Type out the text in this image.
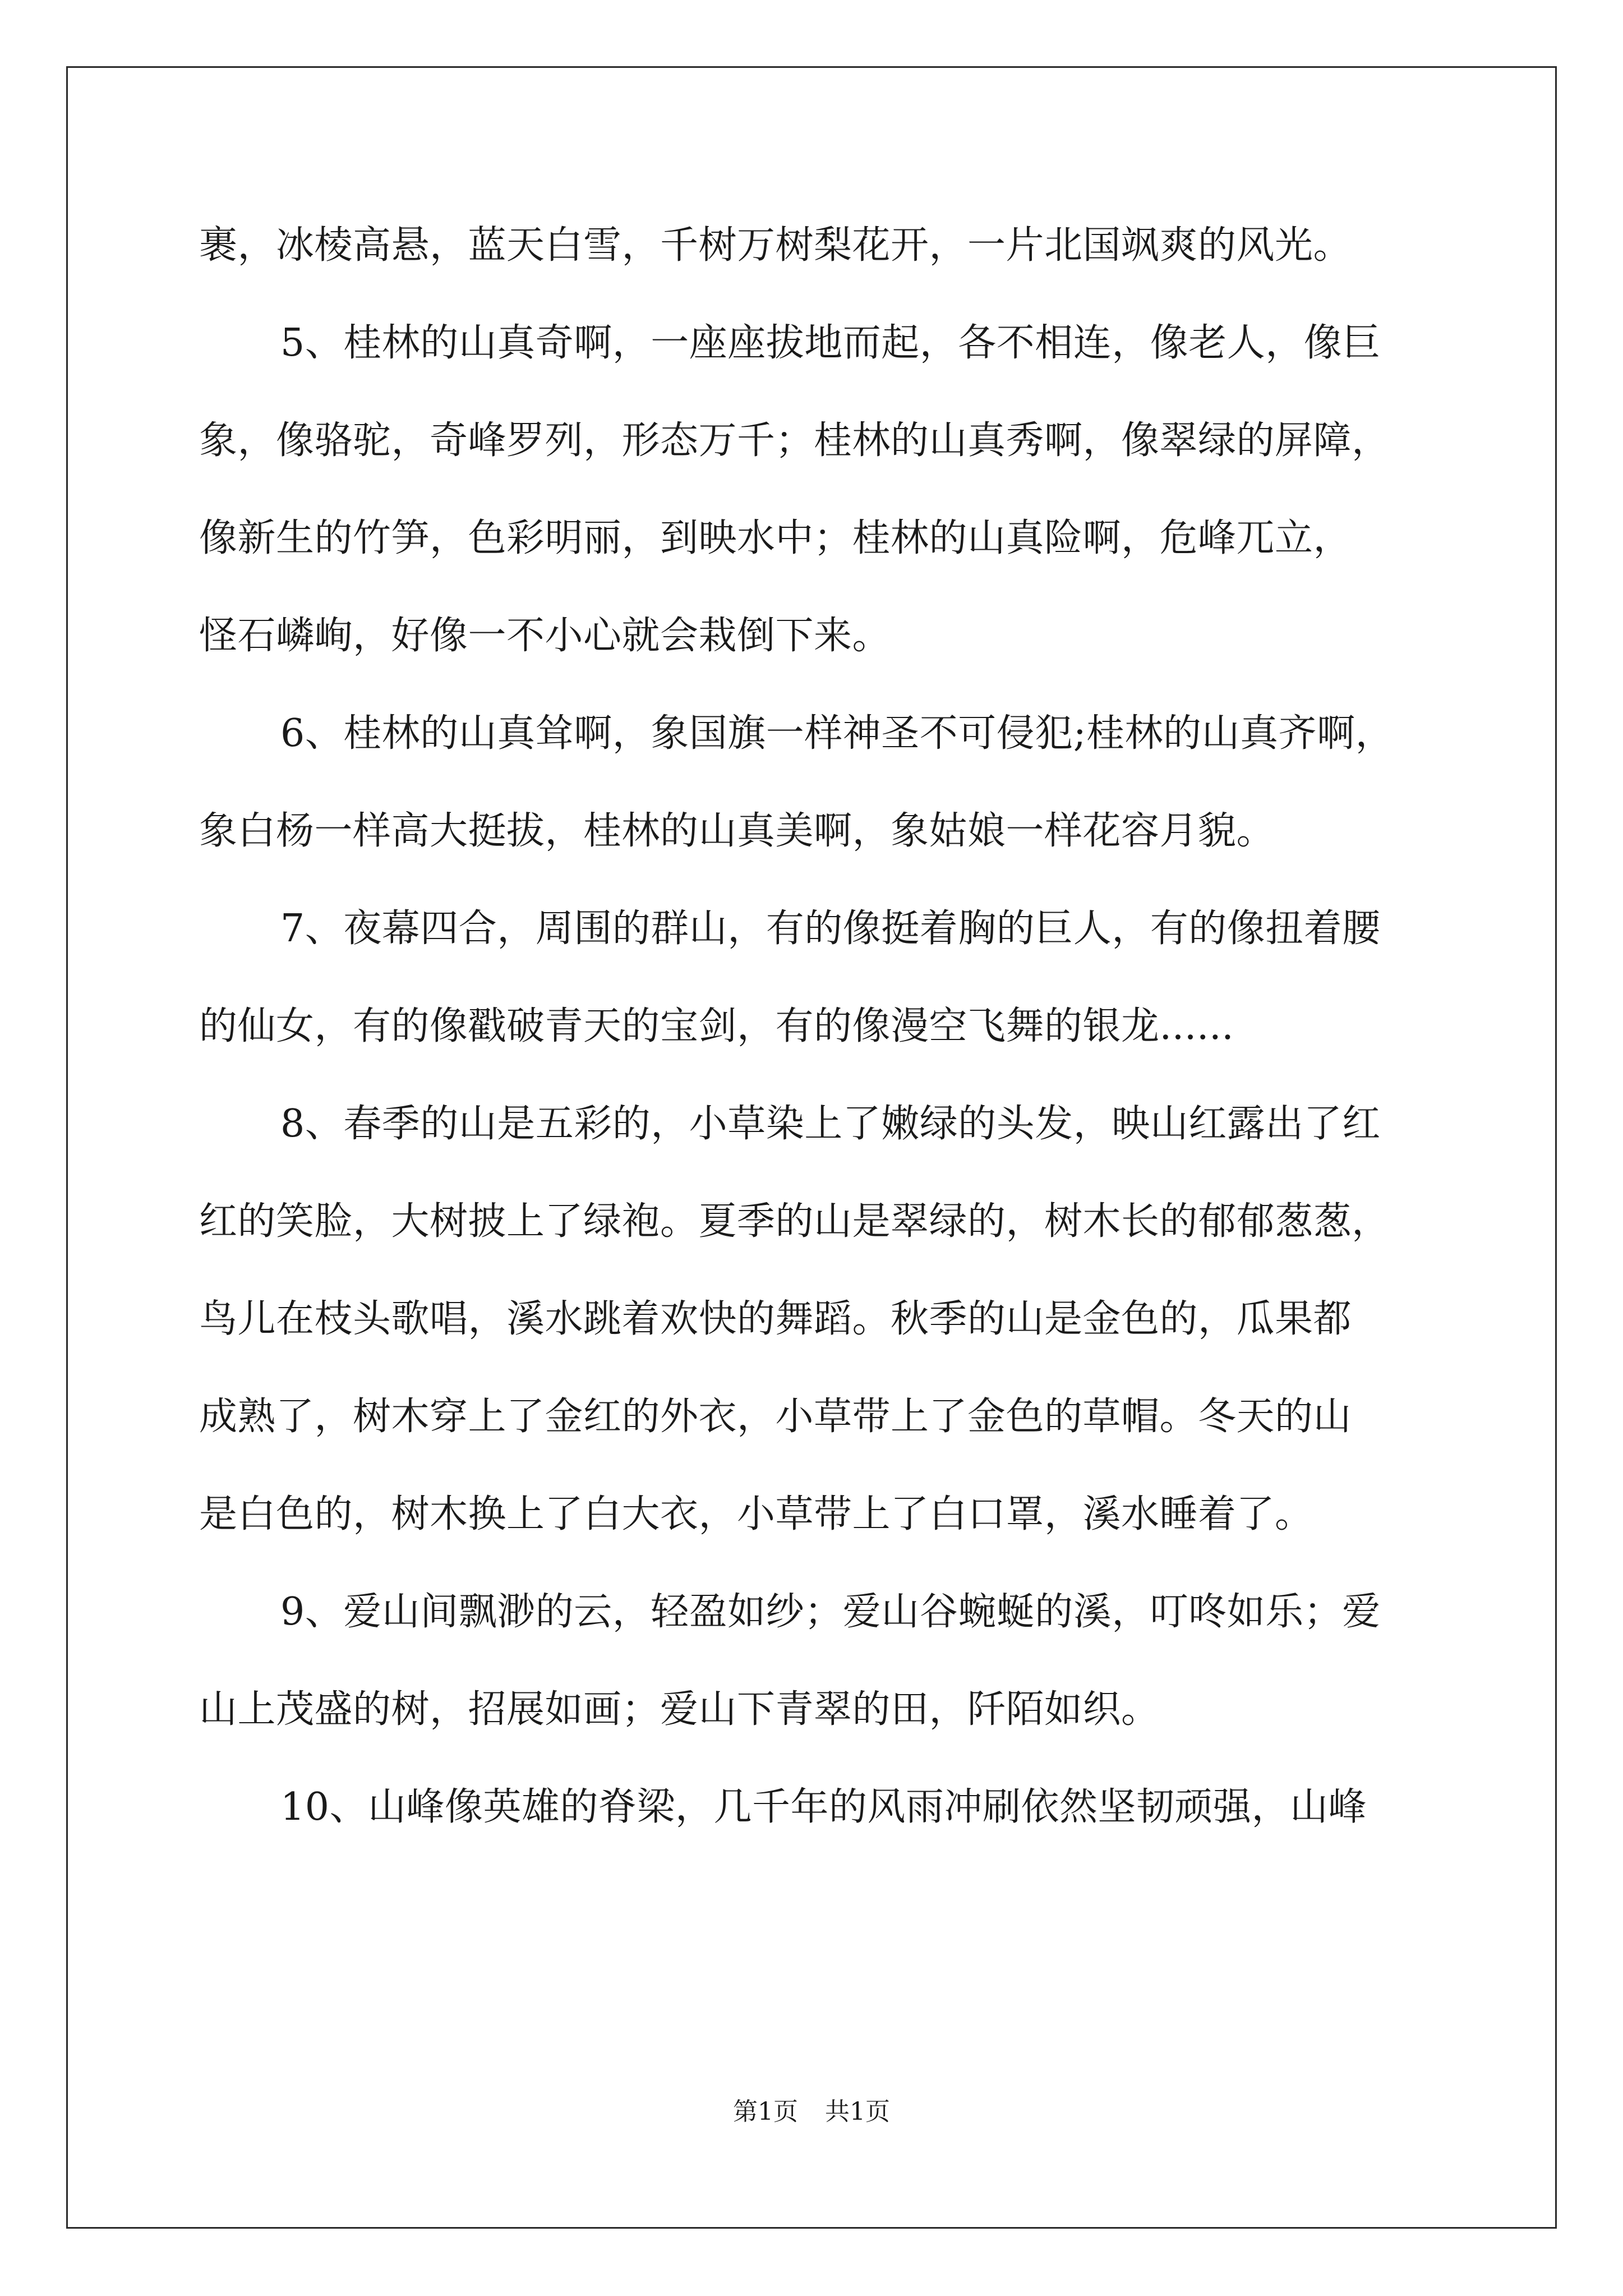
裹，冰棱高悬，蓝天白雪，千树万树梨花开，一片北国飒爽的风光。
5、桂林的山真奇啊，一座座拔地而起，各不相连，像老人，像巨
象，像骆驼，奇峰罗列，形态万千；桂林的山真秀啊，像翠绿的屏障，
像新生的竹笋，色彩明丽，到映水中；桂林的山真险啊，危峰兀立，
怪石嶙峋，好像一不小心就会栽倒下来。
6、桂林的山真耸啊，象国旗一样神圣不可侵犯;桂林的山真齐啊，
象白杨一样高大挺拔，桂林的山真美啊，象姑娘一样花容月貌。
7、夜幕四合，周围的群山，有的像挺着胸的巨人，有的像扭着腰
的仙女，有的像戳破青天的宝剑，有的像漫空飞舞的银龙......
8、春季的山是五彩的，小草染上了嫩绿的头发，映山红露出了红
红的笑脸，大树披上了绿袍。夏季的山是翠绿的，树木长的郁郁葱葱，
鸟儿在枝头歌唱，溪水跳着欢快的舞蹈。秋季的山是金色的，瓜果都
成熟了，树木穿上了金红的外衣，小草带上了金色的草帽。冬天的山
是白色的，树木换上了白大衣，小草带上了白口罩，溪水睡着了。
9、爱山间飘渺的云，轻盈如纱；爱山谷蜿蜒的溪，叮咚如乐；爱
山上茂盛的树，招展如画；爱山下青翠的田，阡陌如织。
10、山峰像英雄的脊梁，几千年的风雨冲刷依然坚韧顽强，山峰
第1页 共1页
